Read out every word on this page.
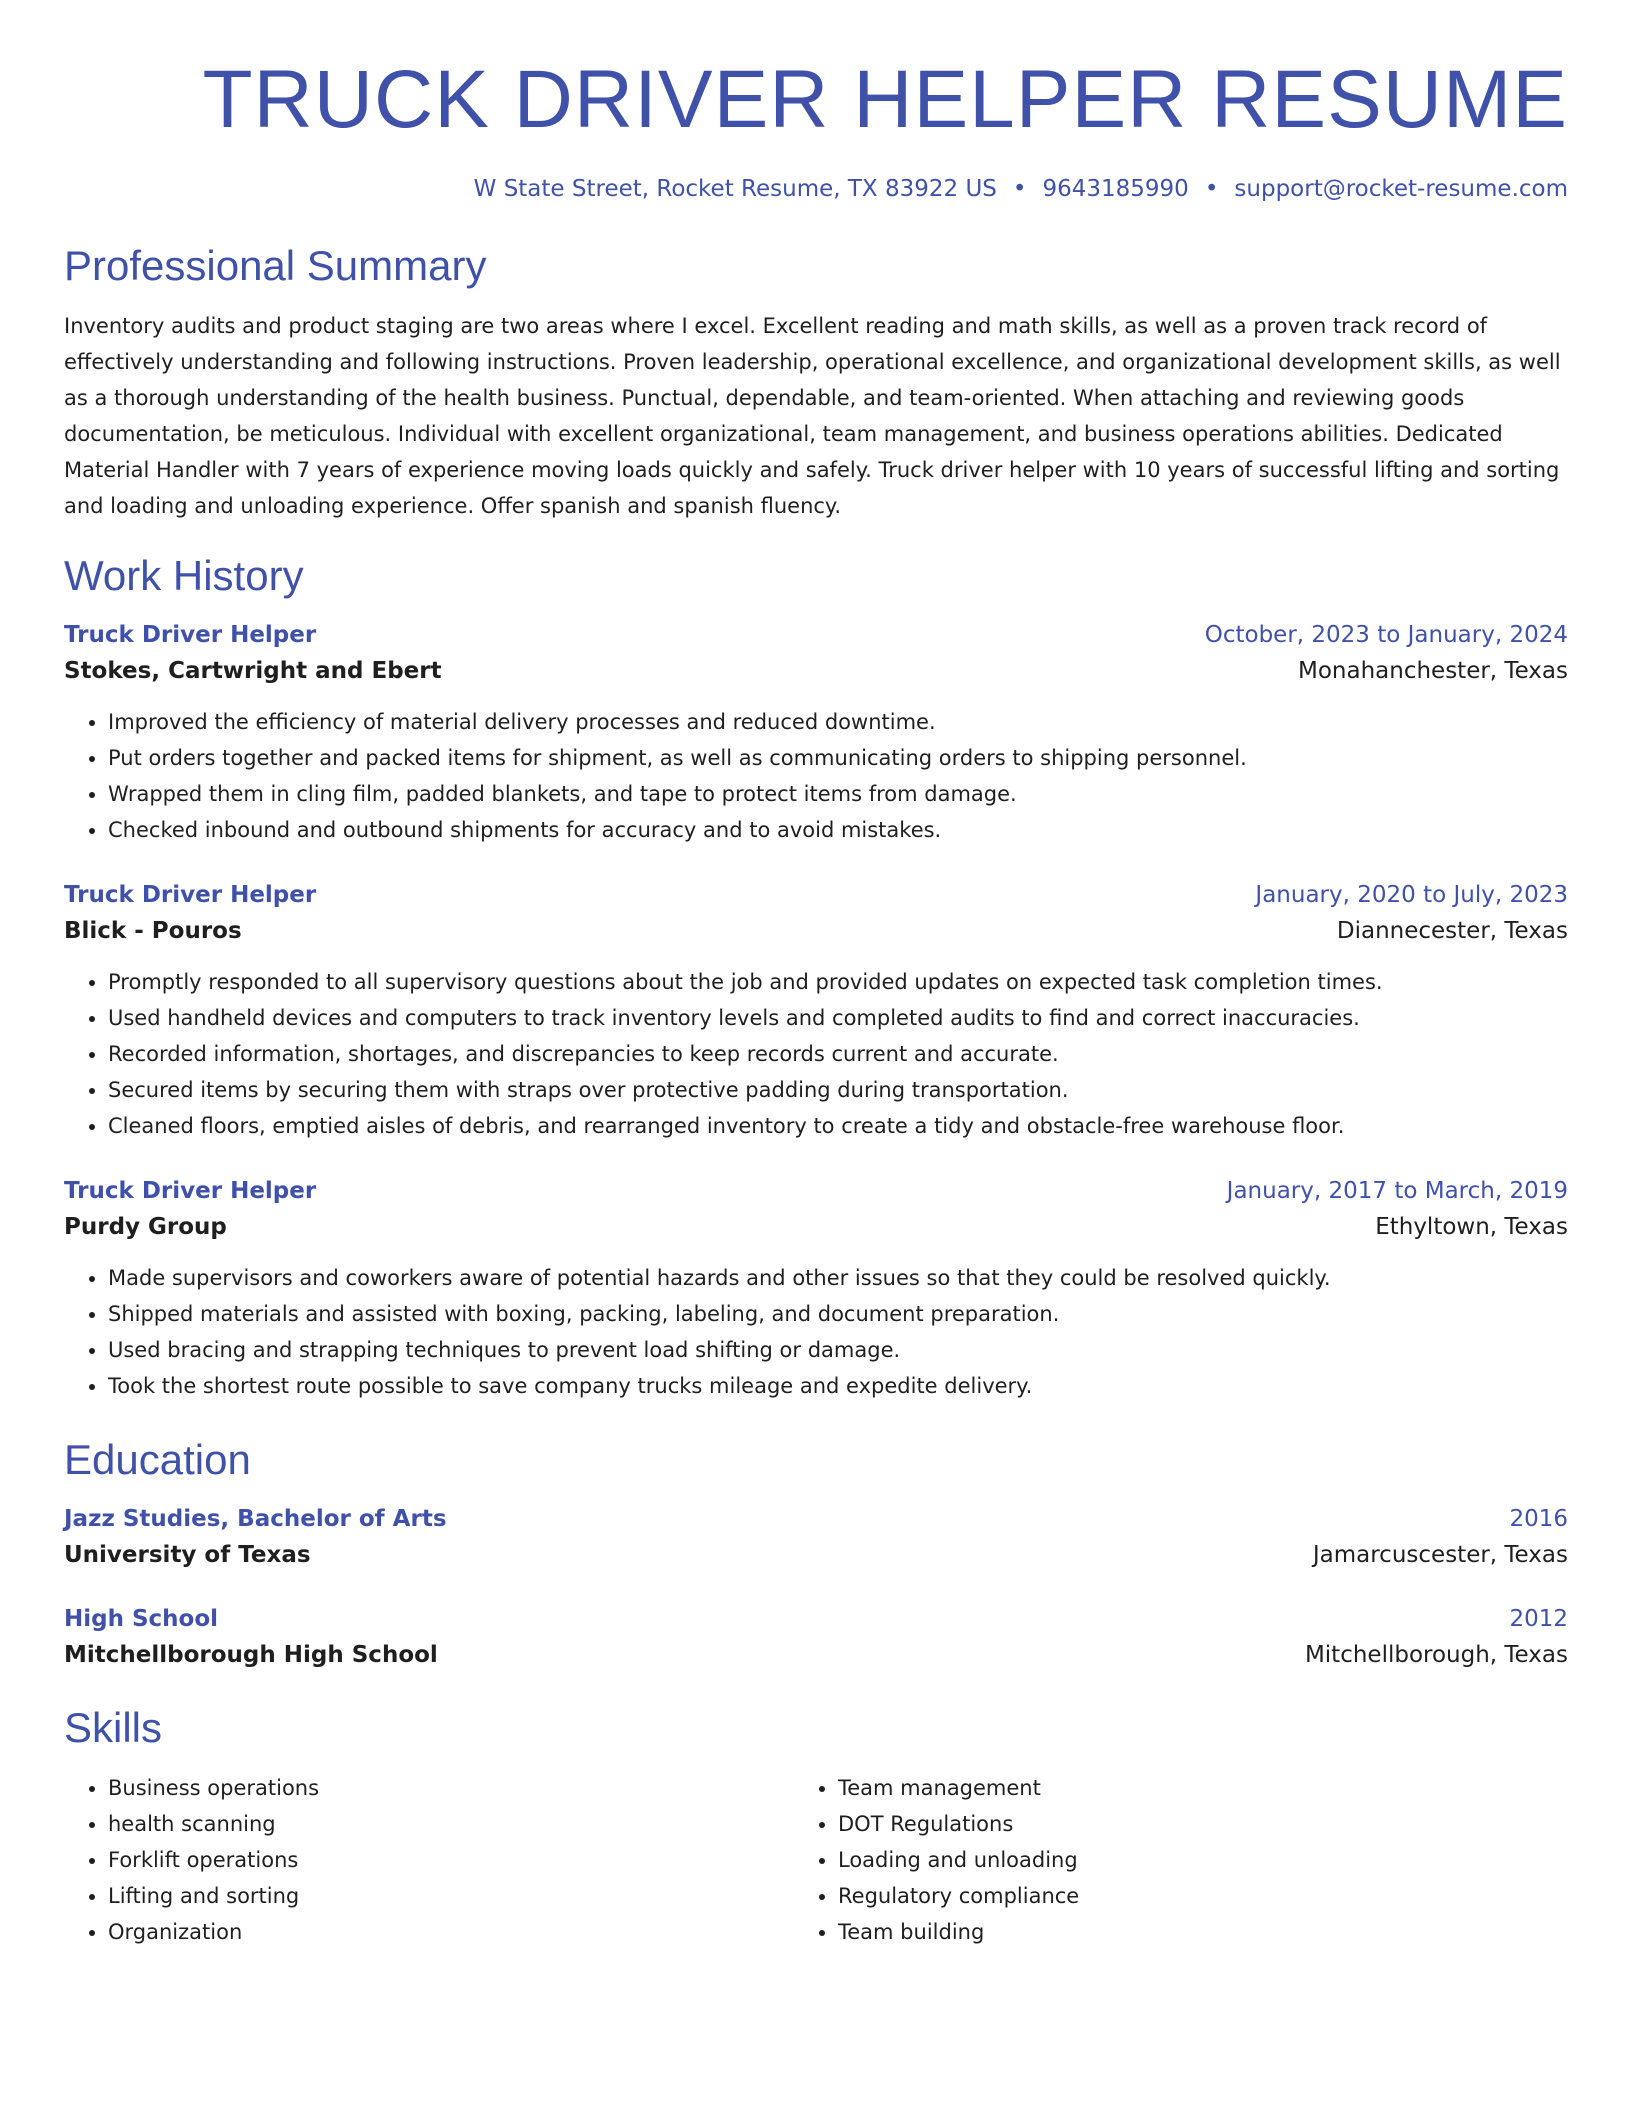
TRUCK DRIVER HELPER RESUME
W State Street, Rocket Resume, TX 83922 US • 9643185990 • support@rocket-resume.com
Professional Summary
Inventory audits and product staging are two areas where I excel. Excellent reading and math skills, as well as a proven track record of effectively understanding and following instructions. Proven leadership, operational excellence, and organizational development skills, as well as a thorough understanding of the health business. Punctual, dependable, and team-oriented. When attaching and reviewing goods documentation, be meticulous. Individual with excellent organizational, team management, and business operations abilities. Dedicated Material Handler with 7 years of experience moving loads quickly and safely. Truck driver helper with 10 years of successful lifting and sorting and loading and unloading experience. Offer spanish and spanish fluency.
Work History
Truck Driver Helper	October, 2023 to January, 2024
Stokes, Cartwright and Ebert	Monahanchester, Texas
• Improved the efficiency of material delivery processes and reduced downtime.
• Put orders together and packed items for shipment, as well as communicating orders to shipping personnel.
• Wrapped them in cling film, padded blankets, and tape to protect items from damage.
• Checked inbound and outbound shipments for accuracy and to avoid mistakes.
Truck Driver Helper	January, 2020 to July, 2023
Blick - Pouros	Diannecester, Texas
• Promptly responded to all supervisory questions about the job and provided updates on expected task completion times.
• Used handheld devices and computers to track inventory levels and completed audits to find and correct inaccuracies.
• Recorded information, shortages, and discrepancies to keep records current and accurate.
• Secured items by securing them with straps over protective padding during transportation.
• Cleaned floors, emptied aisles of debris, and rearranged inventory to create a tidy and obstacle-free warehouse floor.
Truck Driver Helper	January, 2017 to March, 2019
Purdy Group	Ethyltown, Texas
• Made supervisors and coworkers aware of potential hazards and other issues so that they could be resolved quickly.
• Shipped materials and assisted with boxing, packing, labeling, and document preparation.
• Used bracing and strapping techniques to prevent load shifting or damage.
• Took the shortest route possible to save company trucks mileage and expedite delivery.
Education
Jazz Studies, Bachelor of Arts	2016
University of Texas	Jamarcuscester, Texas
High School	2012
Mitchellborough High School	Mitchellborough, Texas
Skills
• Business operations
• health scanning
• Forklift operations
• Lifting and sorting
• Organization
• Team management
• DOT Regulations
• Loading and unloading
• Regulatory compliance
• Team building
